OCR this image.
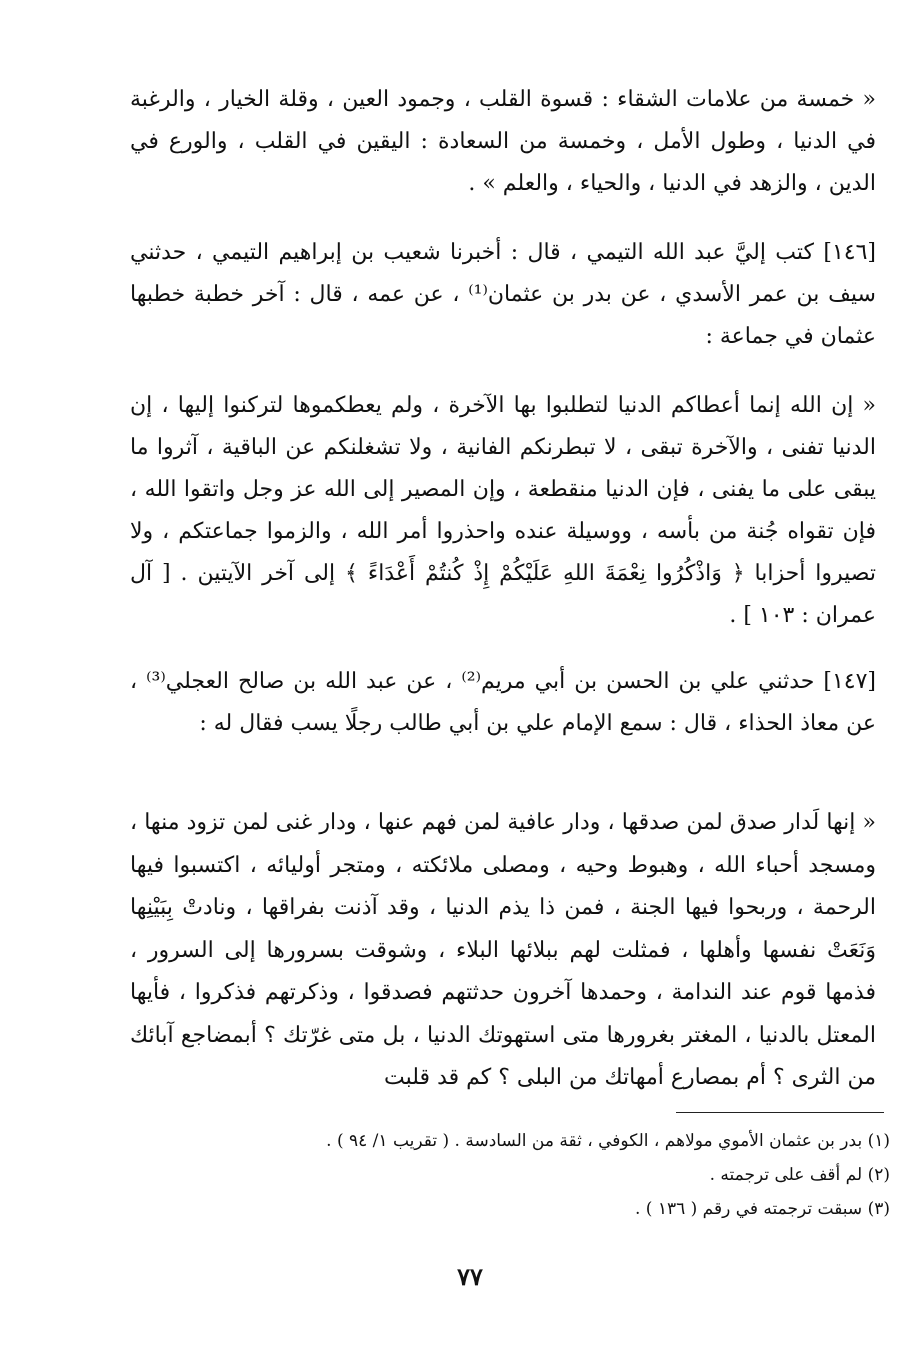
« خمسة من علامات الشقاء : قسوة القلب ، وجمود العين ، وقلة الخيار ، والرغبة في الدنيا ، وطول الأمل ، وخمسة من السعادة : اليقين في القلب ، والورع في الدين ، والزهد في الدنيا ، والحياء ، والعلم » .

[١٤٦] كتب إليَّ عبد الله التيمي ، قال : أخبرنا شعيب بن إبراهيم التيمي ، حدثني سيف بن عمر الأسدي ، عن بدر بن عثمان⁽¹⁾ ، عن عمه ، قال : آخر خطبة خطبها عثمان في جماعة :

« إن الله إنما أعطاكم الدنيا لتطلبوا بها الآخرة ، ولم يعطكموها لتركنوا إليها ، إن الدنيا تفنى ، والآخرة تبقى ، لا تبطرنكم الفانية ، ولا تشغلنكم عن الباقية ، آثروا ما يبقى على ما يفنى ، فإن الدنيا منقطعة ، وإن المصير إلى الله عز وجل واتقوا الله ، فإن تقواه جُنة من بأسه ، ووسيلة عنده واحذروا أمر الله ، والزموا جماعتكم ، ولا تصيروا أحزابا ﴿ وَاذْكُرُوا نِعْمَةَ اللهِ عَلَيْكُمْ إِذْ كُنتُمْ أَعْدَاءً ﴾ إلى آخر الآيتين . [ آل عمران : ١٠٣ ] .

[١٤٧] حدثني علي بن الحسن بن أبي مريم⁽²⁾ ، عن عبد الله بن صالح العجلي⁽³⁾ ، عن معاذ الحذاء ، قال : سمع الإمام علي بن أبي طالب رجلًا يسب فقال له :

« إنها لَدار صدق لمن صدقها ، ودار عافية لمن فهم عنها ، ودار غنى لمن تزود منها ، ومسجد أحباء الله ، وهبوط وحيه ، ومصلى ملائكته ، ومتجر أوليائه ، اكتسبوا فيها الرحمة ، وربحوا فيها الجنة ، فمن ذا يذم الدنيا ، وقد آذنت بفراقها ، ونادتْ بِبَيْنِها وَنَعَتْ نفسها وأهلها ، فمثلت لهم ببلائها البلاء ، وشوقت بسرورها إلى السرور ، فذمها قوم عند الندامة ، وحمدها آخرون حدثتهم فصدقوا ، وذكرتهم فذكروا ، فأيها المعتل بالدنيا ، المغتر بغرورها متى استهوتك الدنيا ، بل متى غرّتك ؟ أبمضاجع آبائك من الثرى ؟ أم بمصارع أمهاتك من البلى ؟ كم قد قلبت

(١) بدر بن عثمان الأموي مولاهم ، الكوفي ، ثقة من السادسة . ( تقريب ١/ ٩٤ ) .
(٢) لم أقف على ترجمته .
(٣) سبقت ترجمته في رقم ( ١٣٦ ) .
٧٧
